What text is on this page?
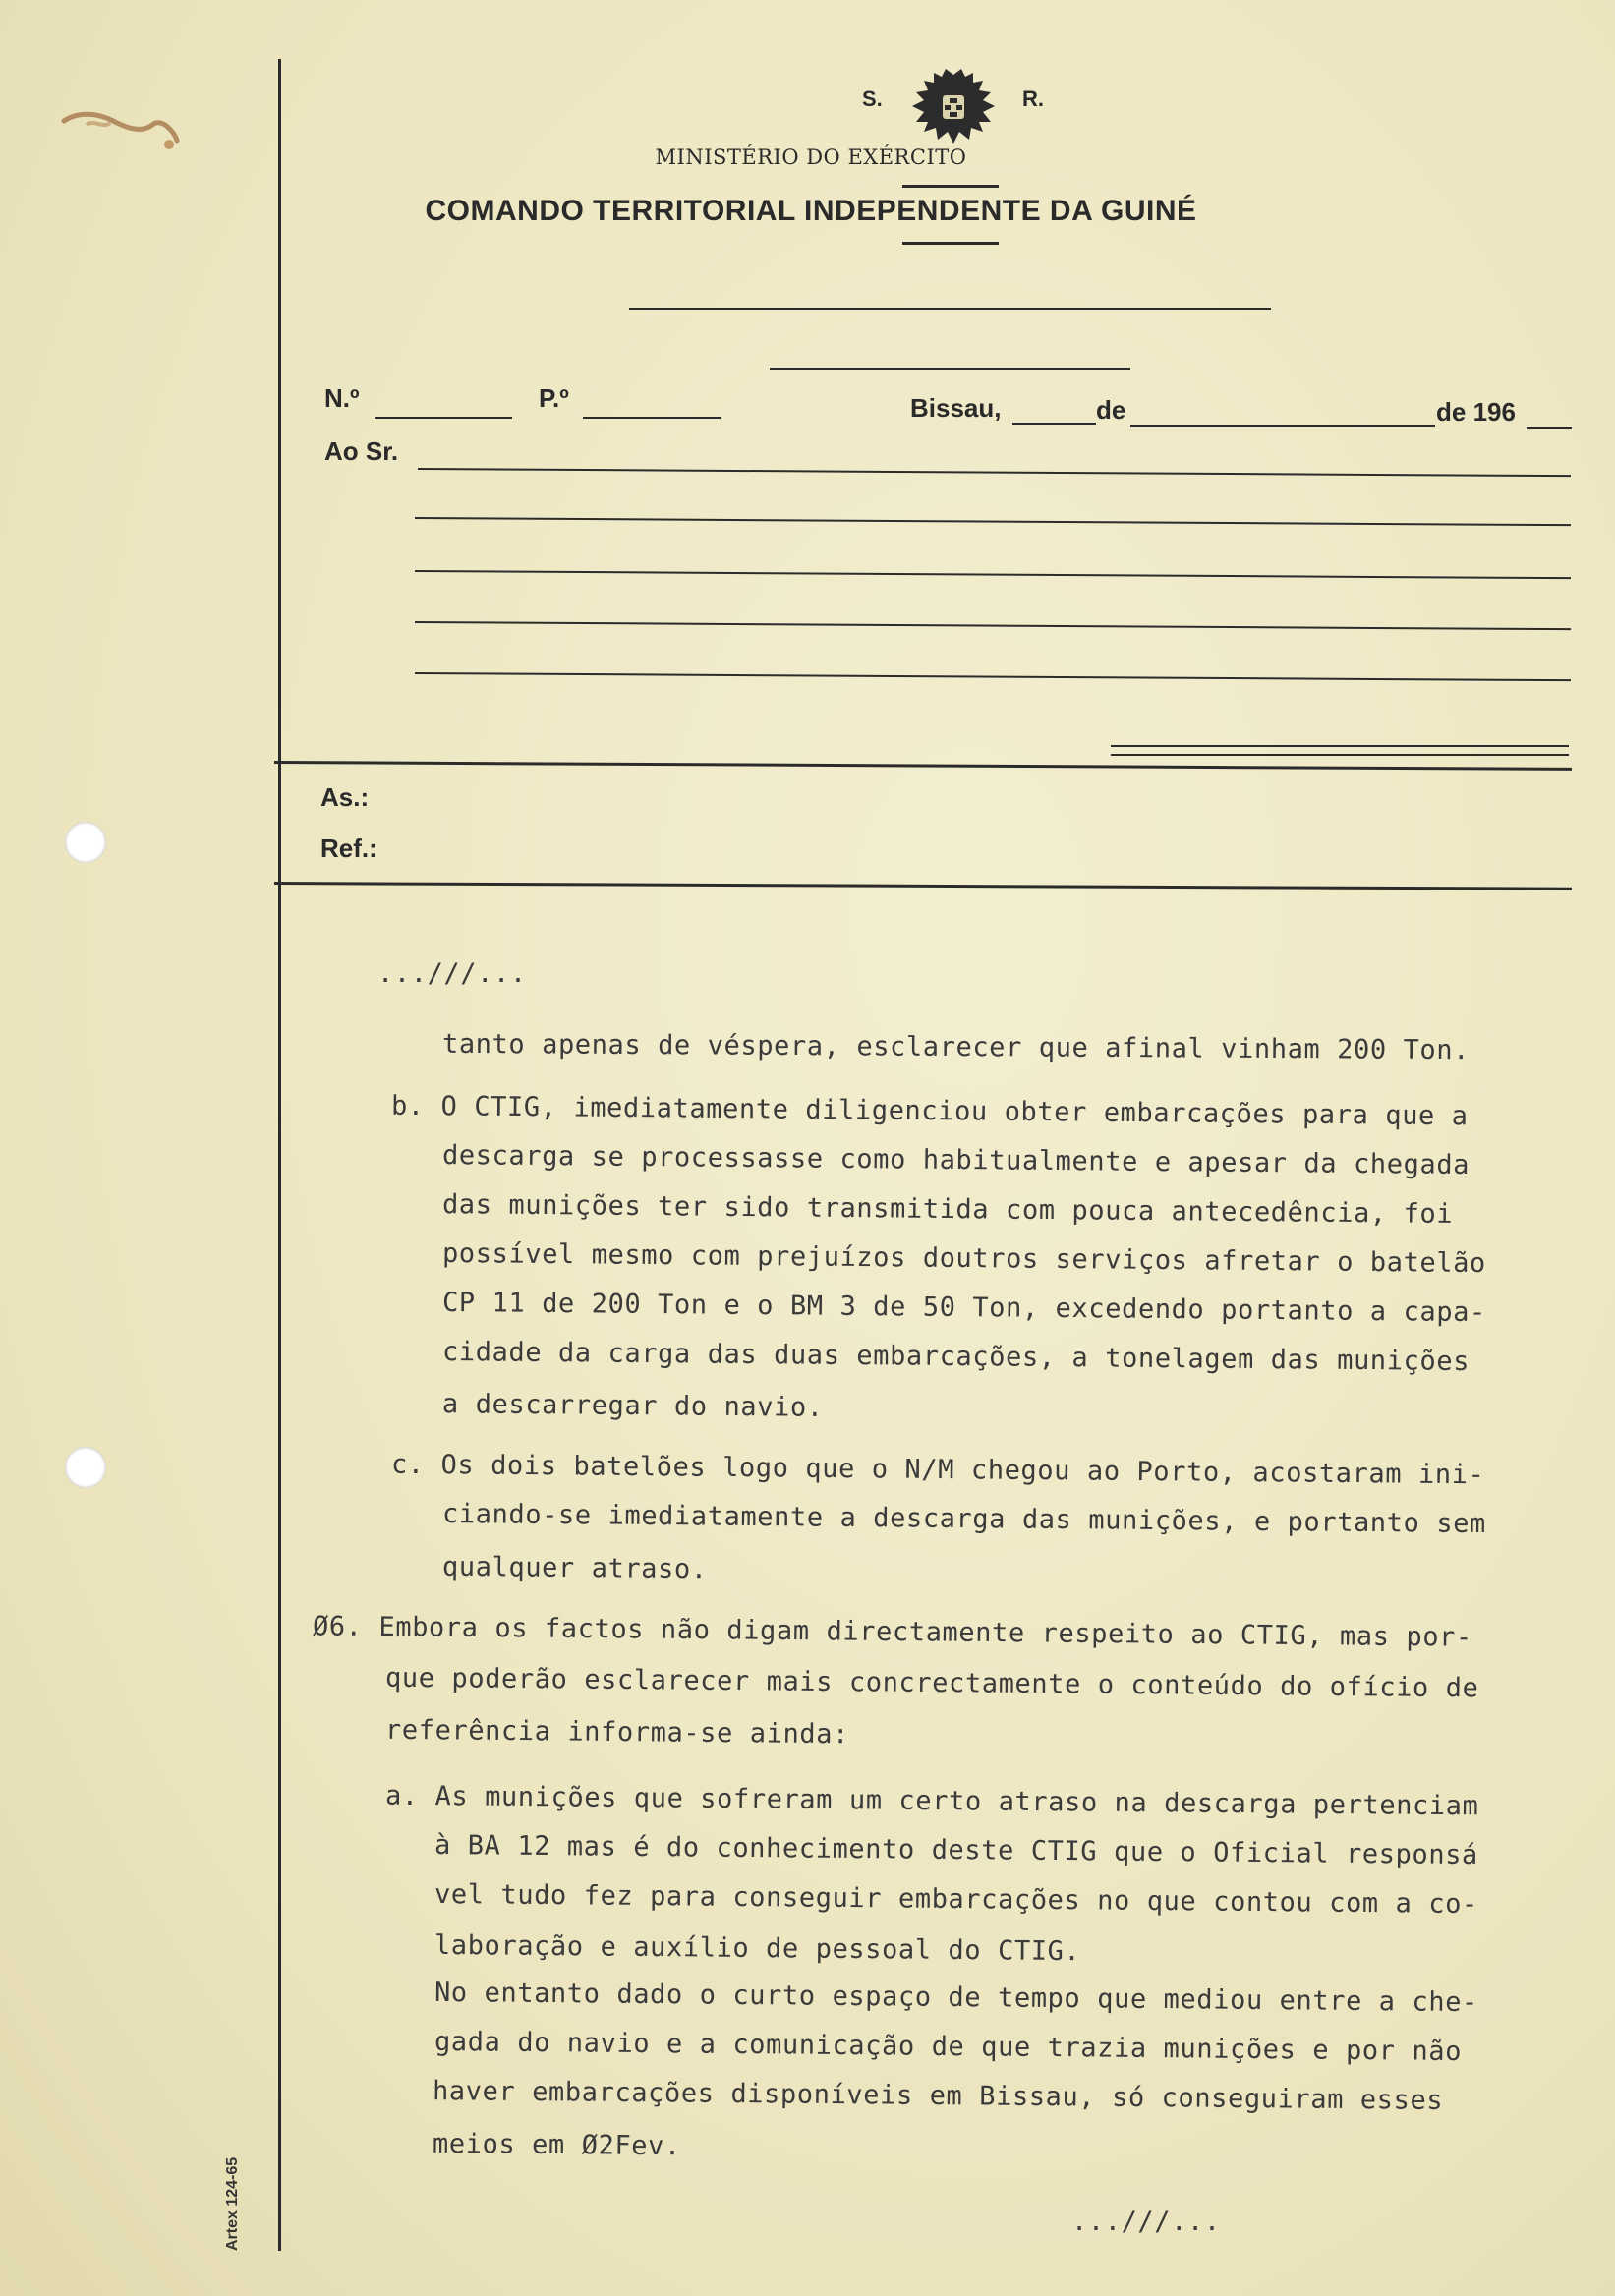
S.	R.
MINISTÉRIO DO EXÉRCITO
COMANDO TERRITORIAL INDEPENDENTE DA GUINÉ
N.º	P.º	Bissau,	de	de 196
Ao Sr.
As.:
Ref.:
...///...
tanto apenas de véspera, esclarecer que afinal vinham 200 Ton.
b. O CTIG, imediatamente diligenciou obter embarcações para que a
descarga se processasse como habitualmente e apesar da chegada
das munições ter sido transmitida com pouca antecedência, foi
possível mesmo com prejuízos doutros serviços afretar o batelão
CP 11 de 200 Ton e o BM 3 de 50 Ton, excedendo portanto a capa-
cidade da carga das duas embarcações, a tonelagem das munições
a descarregar do navio.
c. Os dois batelões logo que o N/M chegou ao Porto, acostaram ini-
ciando-se imediatamente a descarga das munições, e portanto sem
qualquer atraso.
Ø6. Embora os factos não digam directamente respeito ao CTIG, mas por-
que poderão esclarecer mais concrectamente o conteúdo do ofício de
referência informa-se ainda:
a. As munições que sofreram um certo atraso na descarga pertenciam
à BA 12 mas é do conhecimento deste CTIG que o Oficial responsá
vel tudo fez para conseguir embarcações no que contou com a co-
laboração e auxílio de pessoal do CTIG.
No entanto dado o curto espaço de tempo que mediou entre a che-
gada do navio e a comunicação de que trazia munições e por não
haver embarcações disponíveis em Bissau, só conseguiram esses
meios em Ø2Fev.
...///...
Artex 124-65
